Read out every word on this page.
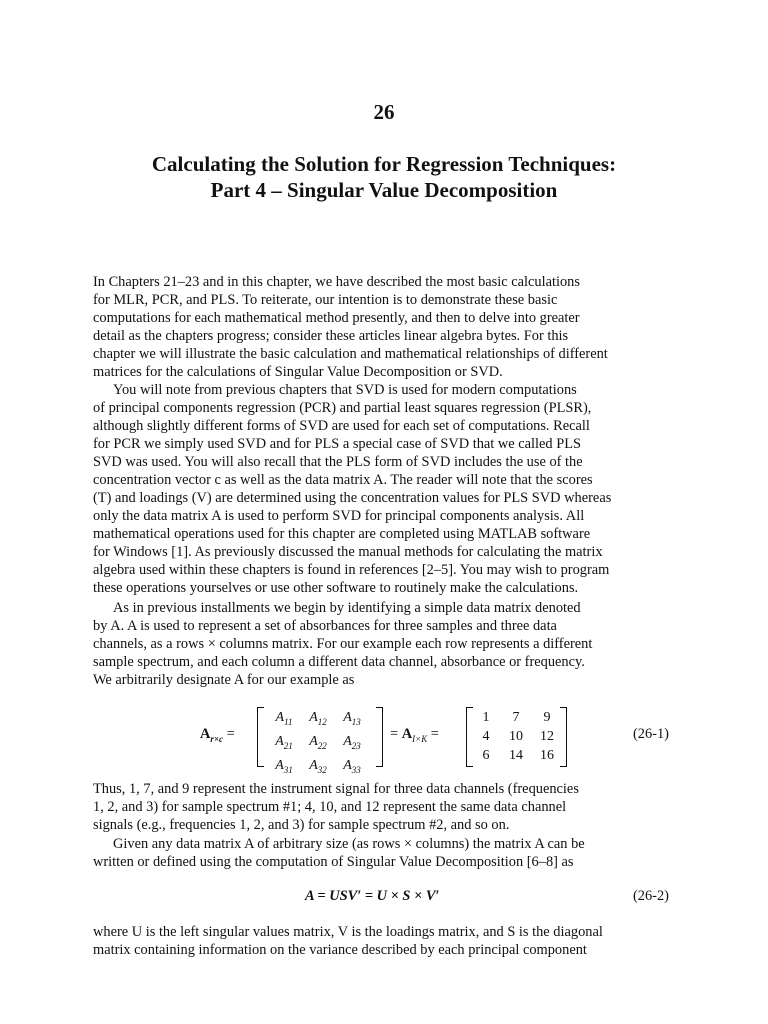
26
Calculating the Solution for Regression Techniques:
Part 4 – Singular Value Decomposition
In Chapters 21–23 and in this chapter, we have described the most basic calculations
for MLR, PCR, and PLS. To reiterate, our intention is to demonstrate these basic
computations for each mathematical method presently, and then to delve into greater
detail as the chapters progress; consider these articles linear algebra bytes. For this
chapter we will illustrate the basic calculation and mathematical relationships of different
matrices for the calculations of Singular Value Decomposition or SVD.
You will note from previous chapters that SVD is used for modern computations
of principal components regression (PCR) and partial least squares regression (PLSR),
although slightly different forms of SVD are used for each set of computations. Recall
for PCR we simply used SVD and for PLS a special case of SVD that we called PLS
SVD was used. You will also recall that the PLS form of SVD includes the use of the
concentration vector c as well as the data matrix A. The reader will note that the scores
(T) and loadings (V) are determined using the concentration values for PLS SVD whereas
only the data matrix A is used to perform SVD for principal components analysis. All
mathematical operations used for this chapter are completed using MATLAB software
for Windows [1]. As previously discussed the manual methods for calculating the matrix
algebra used within these chapters is found in references [2–5]. You may wish to program
these operations yourselves or use other software to routinely make the calculations.
As in previous installments we begin by identifying a simple data matrix denoted
by A. A is used to represent a set of absorbances for three samples and three data
channels, as a rows × columns matrix. For our example each row represents a different
sample spectrum, and each column a different data channel, absorbance or frequency.
We arbitrarily designate A for our example as
$A_{r\times c}$ =
$A_{11}$	$A_{12}$	$A_{13}$
$A_{21}$	$A_{22}$	$A_{23}$
$A_{31}$	$A_{32}$	$A_{33}$
= $A_{I\times K}$ =
1	7	9
4	10	12
6	14	16
(26-1)
Thus, 1, 7, and 9 represent the instrument signal for three data channels (frequencies
1, 2, and 3) for sample spectrum #1; 4, 10, and 12 represent the same data channel
signals (e.g., frequencies 1, 2, and 3) for sample spectrum #2, and so on.
Given any data matrix A of arbitrary size (as rows × columns) the matrix A can be
written or defined using the computation of Singular Value Decomposition [6–8] as
A = USV′ = U × S × V′	(26-2)
where U is the left singular values matrix, V is the loadings matrix, and S is the diagonal
matrix containing information on the variance described by each principal component
